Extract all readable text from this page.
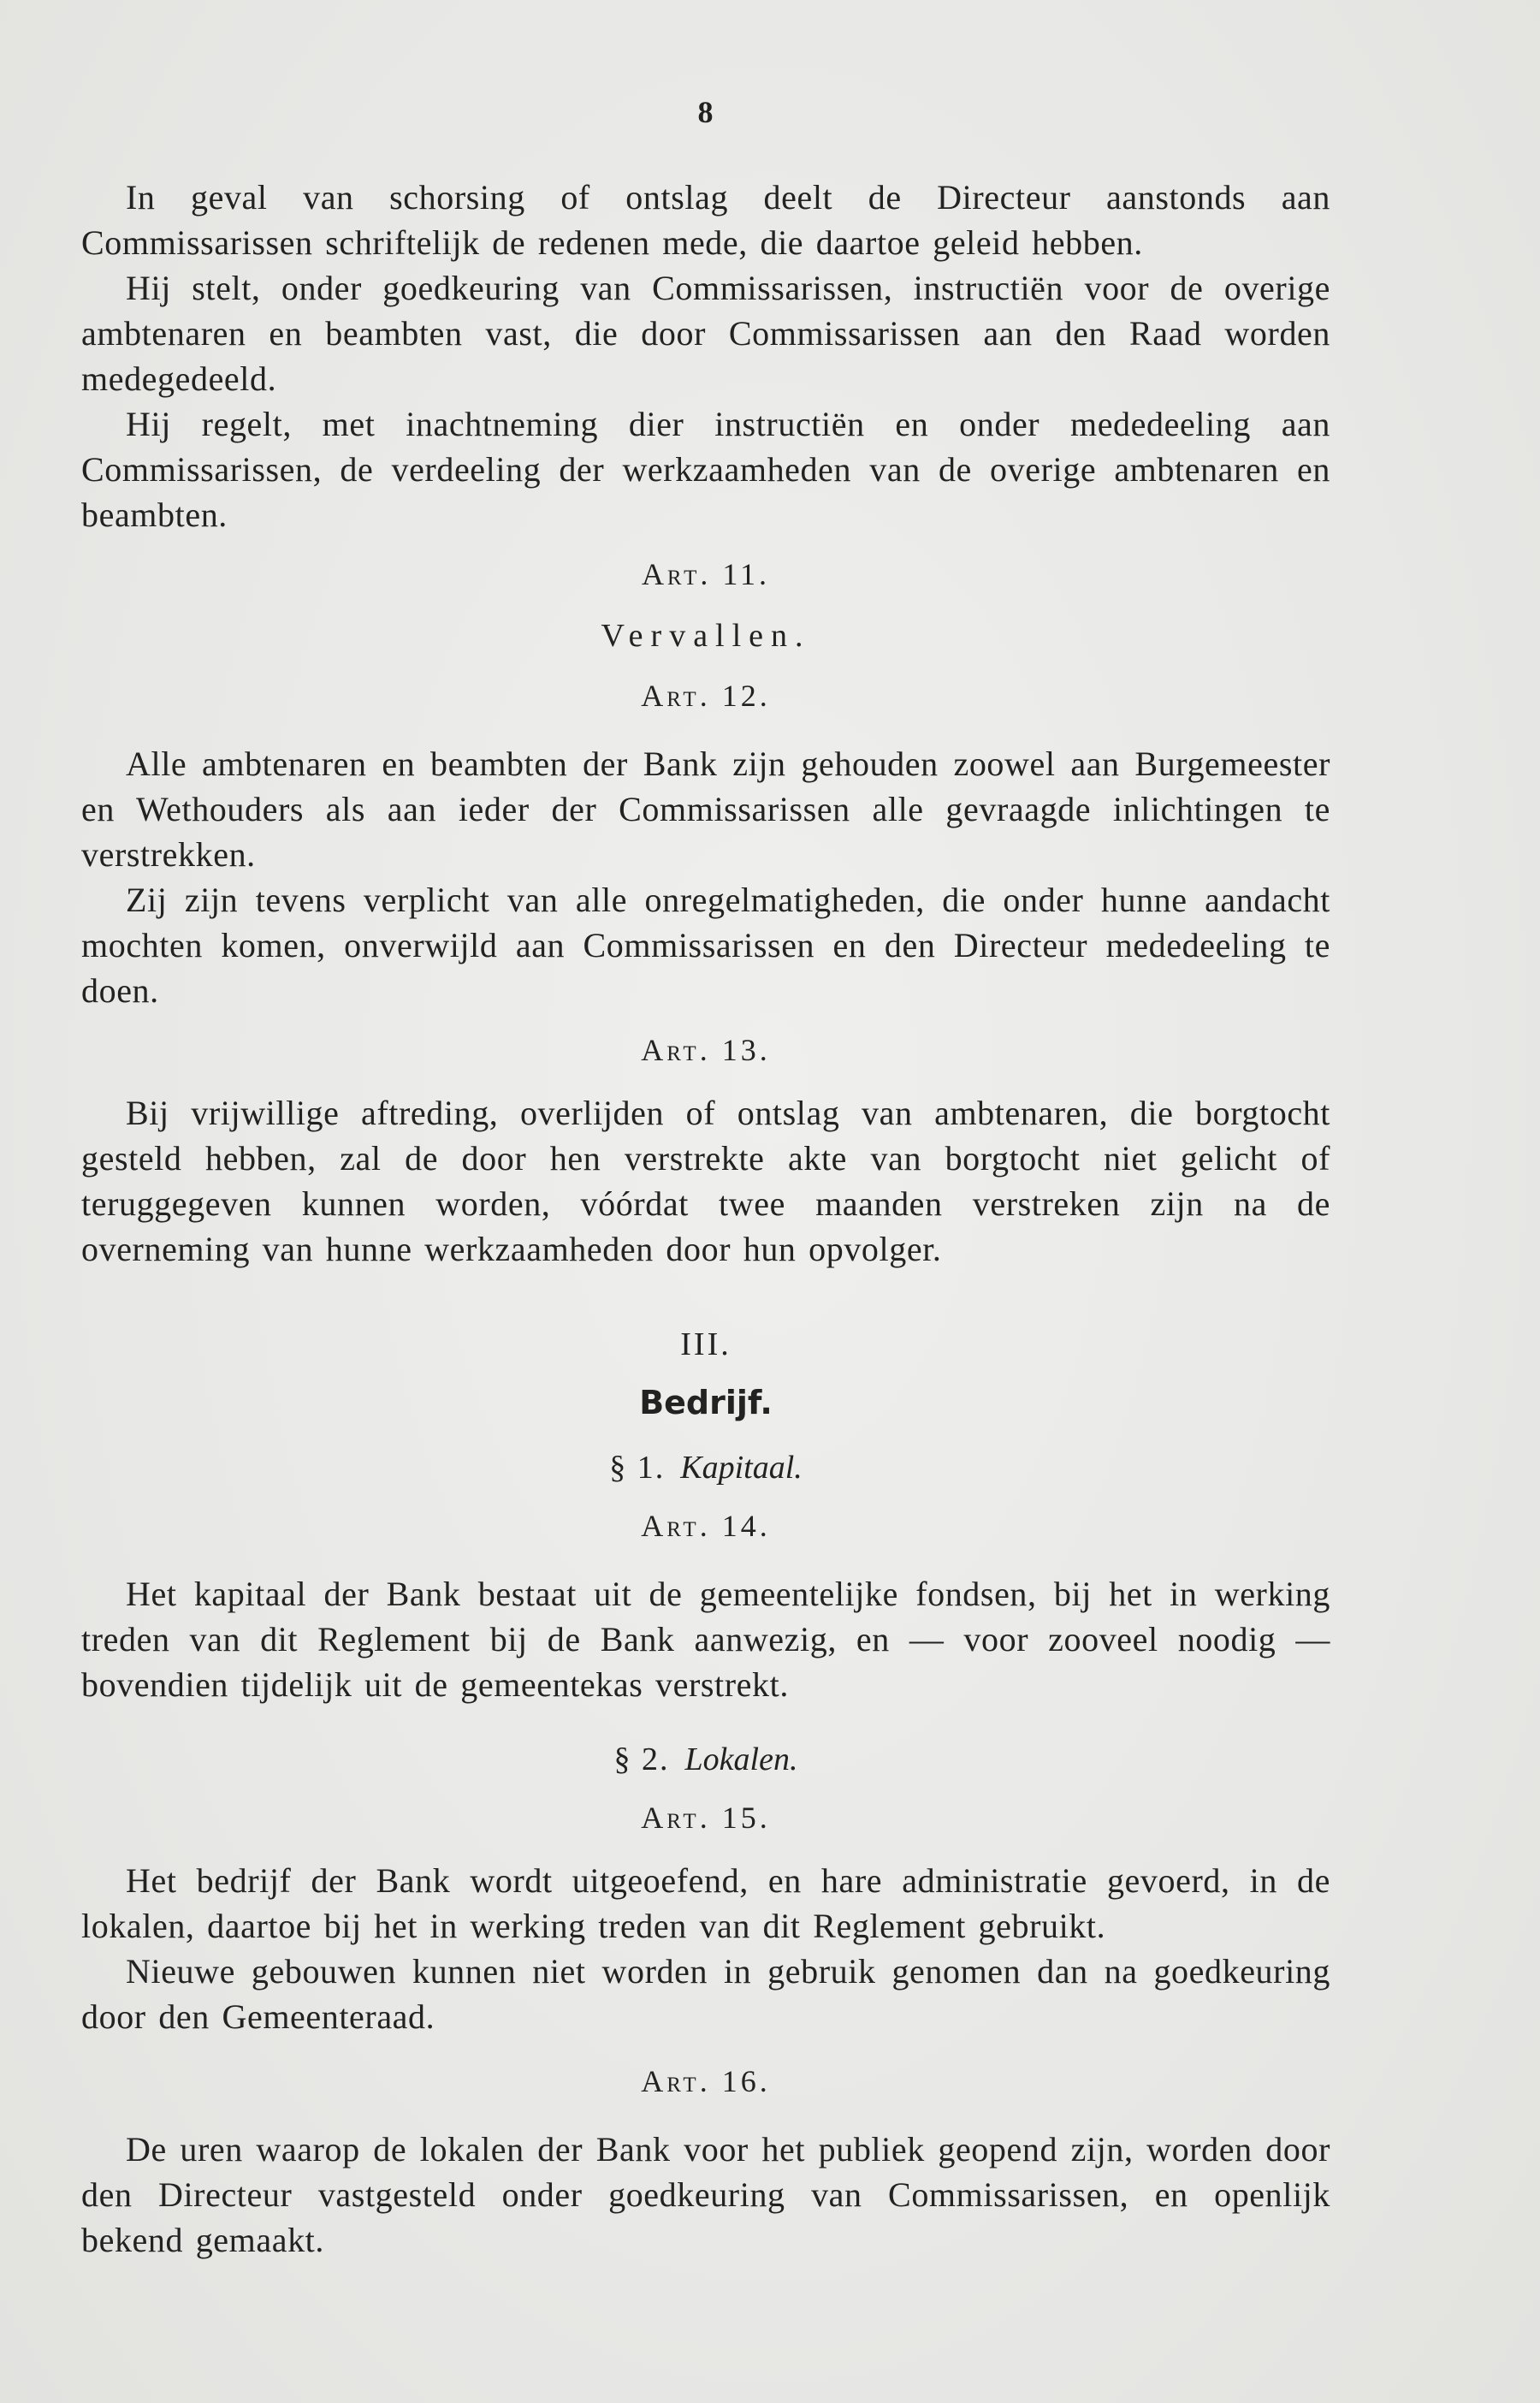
8

In geval van schorsing of ontslag deelt de Directeur aanstonds aan Commissarissen schriftelijk de redenen mede, die daartoe geleid hebben.

Hij stelt, onder goedkeuring van Commissarissen, instructiën voor de overige ambtenaren en beambten vast, die door Commissarissen aan den Raad worden medegedeeld.

Hij regelt, met inachtneming dier instructiën en onder mededeeling aan Commissarissen, de verdeeling der werkzaamheden van de overige ambtenaren en beambten.

Art. 11.
Vervallen.
Art. 12.

Alle ambtenaren en beambten der Bank zijn gehouden zoowel aan Burgemeester en Wethouders als aan ieder der Commissarissen alle gevraagde inlichtingen te verstrekken.

Zij zijn tevens verplicht van alle onregelmatigheden, die onder hunne aandacht mochten komen, onverwijld aan Commissarissen en den Directeur mededeeling te doen.

Art. 13.

Bij vrijwillige aftreding, overlijden of ontslag van ambtenaren, die borgtocht gesteld hebben, zal de door hen verstrekte akte van borgtocht niet gelicht of teruggegeven kunnen worden, vóórdat twee maanden verstreken zijn na de overneming van hunne werkzaamheden door hun opvolger.

III.
Bedrijf.
§ 1. Kapitaal.
Art. 14.

Het kapitaal der Bank bestaat uit de gemeentelijke fondsen, bij het in werking treden van dit Reglement bij de Bank aanwezig, en — voor zooveel noodig — bovendien tijdelijk uit de gemeentekas verstrekt.

§ 2. Lokalen.
Art. 15.

Het bedrijf der Bank wordt uitgeoefend, en hare administratie gevoerd, in de lokalen, daartoe bij het in werking treden van dit Reglement gebruikt.

Nieuwe gebouwen kunnen niet worden in gebruik genomen dan na goedkeuring door den Gemeenteraad.

Art. 16.

De uren waarop de lokalen der Bank voor het publiek geopend zijn, worden door den Directeur vastgesteld onder goedkeuring van Commissarissen, en openlijk bekend gemaakt.
